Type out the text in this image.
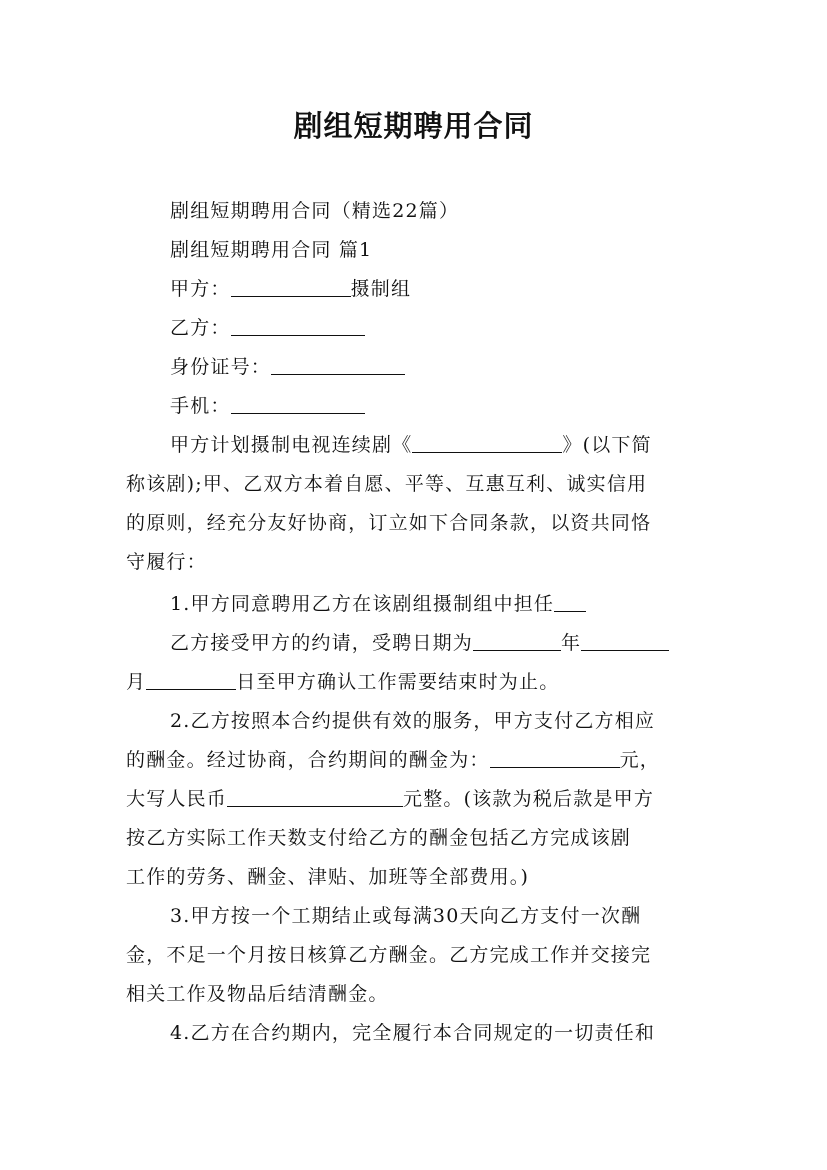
剧组短期聘用合同
剧组短期聘用合同（精选22篇）
剧组短期聘用合同 篇1
甲方：	摄制组
乙方：
身份证号：
手机：
甲方计划摄制电视连续剧《	》(以下简
称该剧);甲、乙双方本着自愿、平等、互惠互利、诚实信用
的原则，经充分友好协商，订立如下合同条款，以资共同恪
守履行：
1.甲方同意聘用乙方在该剧组摄制组中担任
乙方接受甲方的约请，受聘日期为	年
月	日至甲方确认工作需要结束时为止。
2.乙方按照本合约提供有效的服务，甲方支付乙方相应
的酬金。经过协商，合约期间的酬金为：	元，
大写人民币	元整。(该款为税后款是甲方
按乙方实际工作天数支付给乙方的酬金包括乙方完成该剧
工作的劳务、酬金、津贴、加班等全部费用。)
3.甲方按一个工期结止或每满30天向乙方支付一次酬
金，不足一个月按日核算乙方酬金。乙方完成工作并交接完
相关工作及物品后结清酬金。
4.乙方在合约期内，完全履行本合同规定的一切责任和
